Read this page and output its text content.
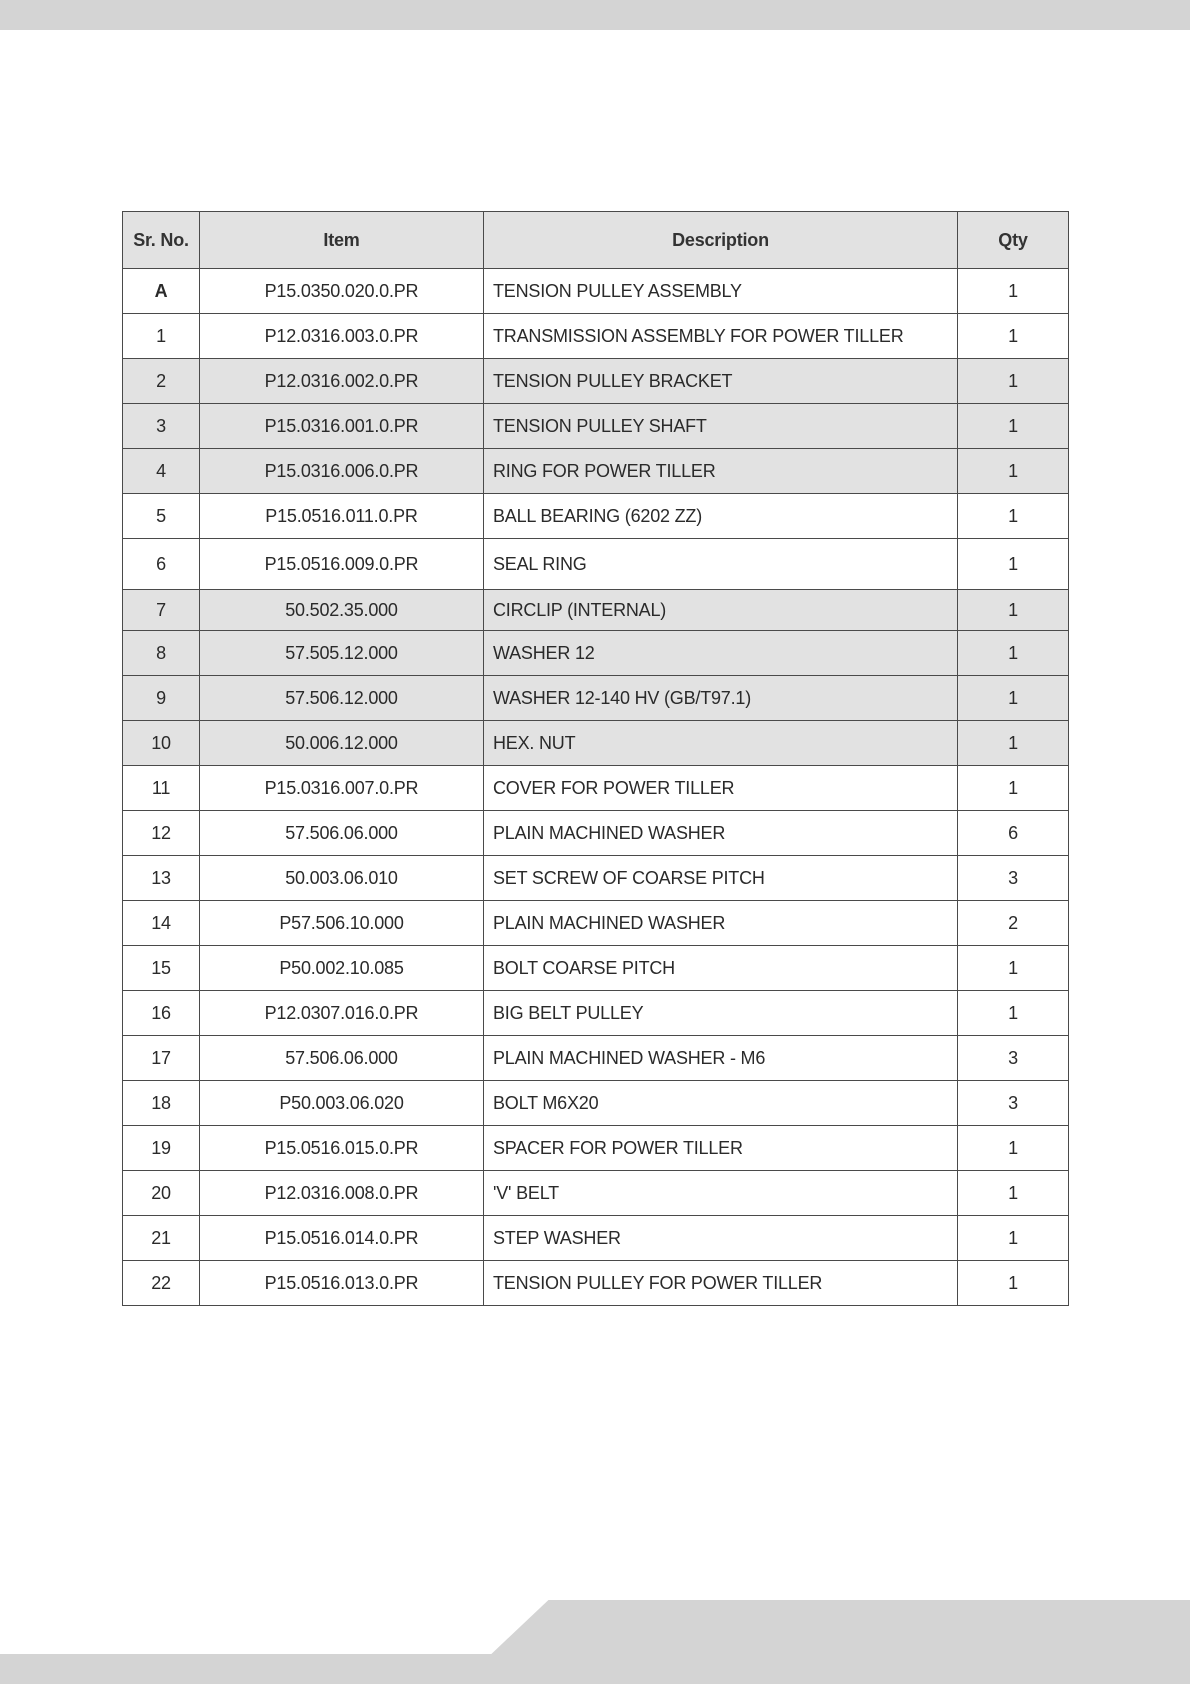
Sr. No.	Item	Description	Qty
A	P15.0350.020.0.PR	TENSION PULLEY ASSEMBLY	1
1	P12.0316.003.0.PR	TRANSMISSION ASSEMBLY FOR POWER TILLER	1
2	P12.0316.002.0.PR	TENSION PULLEY BRACKET	1
3	P15.0316.001.0.PR	TENSION PULLEY SHAFT	1
4	P15.0316.006.0.PR	RING FOR POWER TILLER	1
5	P15.0516.011.0.PR	BALL BEARING (6202 ZZ)	1
6	P15.0516.009.0.PR	SEAL RING	1
7	50.502.35.000	CIRCLIP (INTERNAL)	1
8	57.505.12.000	WASHER 12	1
9	57.506.12.000	WASHER 12-140 HV (GB/T97.1)	1
10	50.006.12.000	HEX. NUT	1
11	P15.0316.007.0.PR	COVER FOR POWER TILLER	1
12	57.506.06.000	PLAIN MACHINED WASHER	6
13	50.003.06.010	SET SCREW OF COARSE PITCH	3
14	P57.506.10.000	PLAIN MACHINED WASHER	2
15	P50.002.10.085	BOLT COARSE PITCH	1
16	P12.0307.016.0.PR	BIG BELT PULLEY	1
17	57.506.06.000	PLAIN MACHINED WASHER - M6	3
18	P50.003.06.020	BOLT M6X20	3
19	P15.0516.015.0.PR	SPACER FOR POWER TILLER	1
20	P12.0316.008.0.PR	'V' BELT	1
21	P15.0516.014.0.PR	STEP WASHER	1
22	P15.0516.013.0.PR	TENSION PULLEY FOR POWER TILLER	1
